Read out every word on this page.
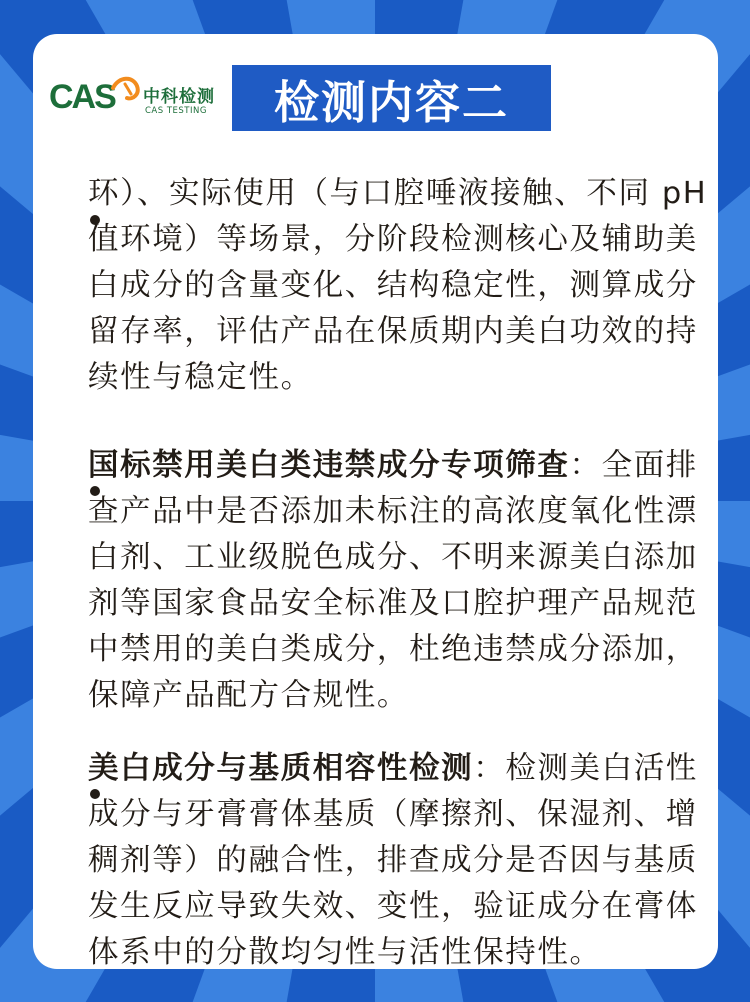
CAS 中科检测
CAS TESTING	检测内容二
环）、实际使用（与口腔唾液接触、不同 pH 值环境）等场景，分阶段检测核心及辅助美白成分的含量变化、结构稳定性，测算成分留存率，评估产品在保质期内美白功效的持续性与稳定性。
国标禁用美白类违禁成分专项筛查：全面排查产品中是否添加未标注的高浓度氧化性漂白剂、工业级脱色成分、不明来源美白添加剂等国家食品安全标准及口腔护理产品规范中禁用的美白类成分，杜绝违禁成分添加，保障产品配方合规性。
美白成分与基质相容性检测：检测美白活性成分与牙膏膏体基质（摩擦剂、保湿剂、增稠剂等）的融合性，排查成分是否因与基质发生反应导致失效、变性，验证成分在膏体体系中的分散均匀性与活性保持性。
